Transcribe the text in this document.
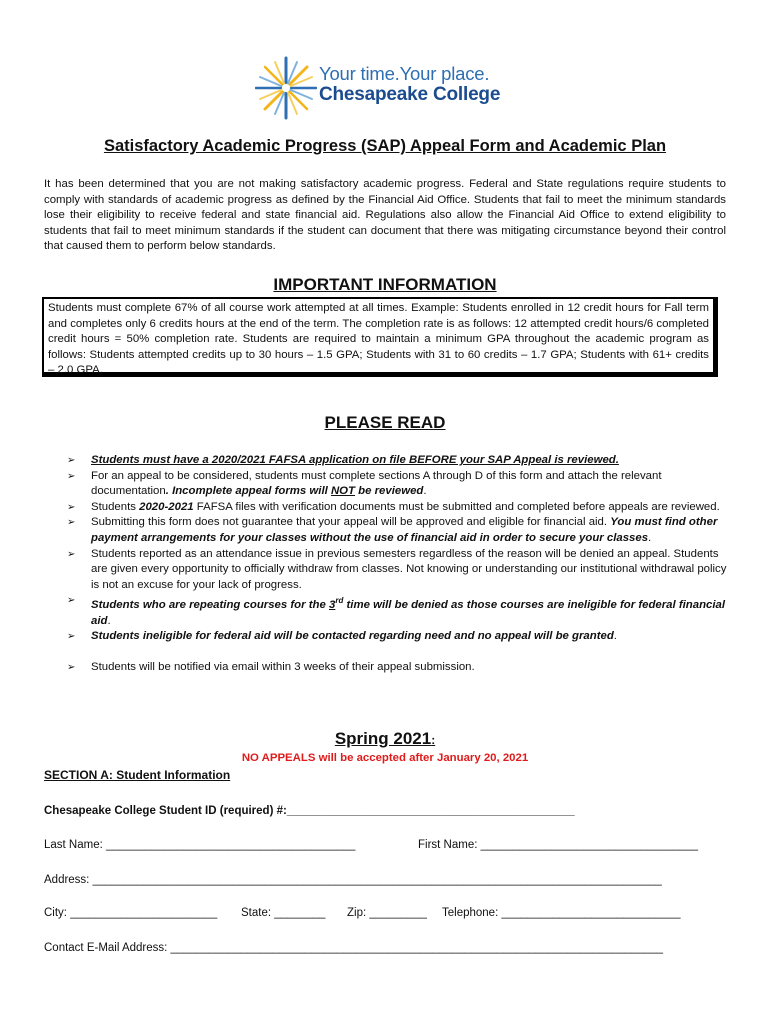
Your time.Your place.
Chesapeake College
Satisfactory Academic Progress (SAP) Appeal Form and Academic Plan

It has been determined that you are not making satisfactory academic progress. Federal and State regulations require students to comply with standards of academic progress as defined by the Financial Aid Office. Students that fail to meet the minimum standards lose their eligibility to receive federal and state financial aid. Regulations also allow the Financial Aid Office to extend eligibility to students that fail to meet minimum standards if the student can document that there was mitigating circumstance beyond their control that caused them to perform below standards.

IMPORTANT INFORMATION

Students must complete 67% of all course work attempted at all times. Example: Students enrolled in 12 credit hours for Fall term and completes only 6 credits hours at the end of the term. The completion rate is as follows: 12 attempted credit hours/6 completed credit hours = 50% completion rate. Students are required to maintain a minimum GPA throughout the academic program as follows: Students attempted credits up to 30 hours – 1.5 GPA; Students with 31 to 60 credits – 1.7 GPA; Students with 61+ credits – 2.0 GPA.

PLEASE READ
➢ Students must have a 2020/2021 FAFSA application on file BEFORE your SAP Appeal is reviewed.
➢ For an appeal to be considered, students must complete sections A through D of this form and attach the relevant documentation. Incomplete appeal forms will NOT be reviewed.
➢ Students 2020-2021 FAFSA files with verification documents must be submitted and completed before appeals are reviewed.
➢ Submitting this form does not guarantee that your appeal will be approved and eligible for financial aid. You must find other payment arrangements for your classes without the use of financial aid in order to secure your classes.
➢ Students reported as an attendance issue in previous semesters regardless of the reason will be denied an appeal. Students are given every opportunity to officially withdraw from classes. Not knowing or understanding our institutional withdrawal policy is not an excuse for your lack of progress.
➢ Students who are repeating courses for the 3rd time will be denied as those courses are ineligible for federal financial aid.
➢ Students ineligible for federal aid will be contacted regarding need and no appeal will be granted.
➢ Students will be notified via email within 3 weeks of their appeal submission.
Spring 2021:
NO APPEALS will be accepted after January 20, 2021
SECTION A: Student Information
Chesapeake College Student ID (required) #:_____________________________________________
Last Name: _______________________________________	First Name: __________________________________
Address: _________________________________________________________________________________________
City: _______________________ State: ________ Zip: _________ Telephone: ____________________________
Contact E-Mail Address: _____________________________________________________________________________
